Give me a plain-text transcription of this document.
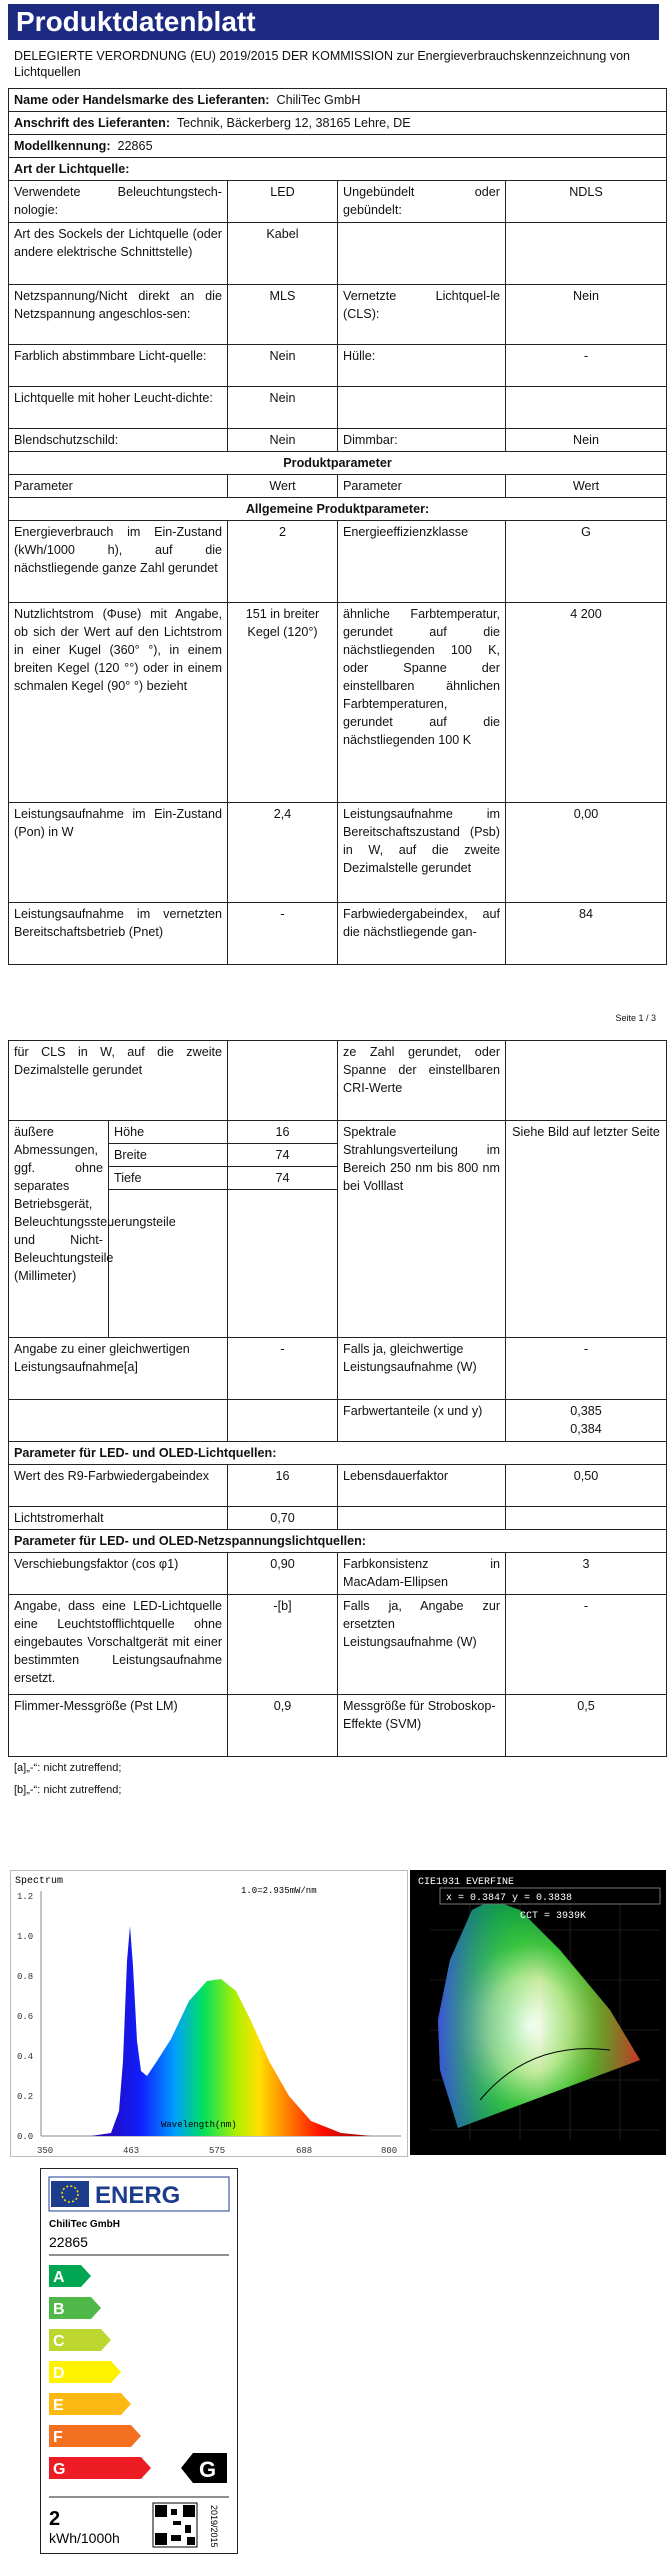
Produktdatenblatt
DELEGIERTE VERORDNUNG (EU) 2019/2015 DER KOMMISSION zur Energieverbrauchskennzeichnung von Lichtquellen
Name oder Handelsmarke des Lieferanten: ChiliTec GmbH			
Anschrift des Lieferanten: Technik, Bäckerberg 12, 38165 Lehre, DE			
Modellkennung: 22865			
Art der Lichtquelle:			
Verwendete Beleuchtungstech-nologie:	LED	Ungebündelt oder gebündelt:	NDLS
Art des Sockels der Lichtquelle (oder andere elektrische Schnittstelle)	Kabel		
Netzspannung/Nicht direkt an die Netzspannung angeschlos-sen:	MLS	Vernetzte Lichtquel-le (CLS):	Nein
Farblich abstimmbare Licht-quelle:	Nein	Hülle:	-
Lichtquelle mit hoher Leucht-dichte:	Nein		
Blendschutzschild:	Nein	Dimmbar:	Nein
Produktparameter			
Parameter	Wert	Parameter	Wert
Allgemeine Produktparameter:			
Energieverbrauch im Ein-Zustand (kWh/1000 h), auf die nächstliegende ganze Zahl gerundet	2	Energieeffizienzklasse	G
Nutzlichtstrom (Φuse) mit Angabe, ob sich der Wert auf den Lichtstrom in einer Kugel (360° °), in einem breiten Kegel (120 °°) oder in einem schmalen Kegel (90° °) bezieht	151 in breiter Kegel (120°)	ähnliche Farbtemperatur, gerundet auf die nächstliegenden 100 K, oder Spanne der einstellbaren ähnlichen Farbtemperaturen, gerundet auf die nächstliegenden 100 K	4 200
Leistungsaufnahme im Ein-Zustand (Pon) in W	2,4	Leistungsaufnahme im Bereitschaftszustand (Psb) in W, auf die zweite Dezimalstelle gerundet	0,00
Leistungsaufnahme im vernetzten Bereitschaftsbetrieb (Pnet)	-	Farbwiedergabeindex, auf die nächstliegende gan-	84
Seite 1 / 3
für CLS in W, auf die zweite Dezimalstelle gerundet			ze Zahl gerundet, oder Spanne der einstellbaren CRI-Werte	
äußere Abmessungen, ggf. ohne separates Betriebsgerät, Beleuchtungssteuerungsteile und Nicht-Beleuchtungsteile (Millimeter)	Höhe	16	Spektrale Strahlungsverteilung im Bereich 250 nm bis 800 nm bei Volllast	Siehe Bild auf letzter Seite
	Breite	74		
	Tiefe	74		

Angabe zu einer gleichwertigen Leistungsaufnahme[a]		-	Falls ja, gleichwertige Leistungsaufnahme (W)	-
			Farbwertanteile (x und y)	0,385
0,384
Parameter für LED- und OLED-Lichtquellen:				
Wert des R9-Farbwiedergabeindex		16	Lebensdauerfaktor	0,50
Lichtstromerhalt		0,70		
Parameter für LED- und OLED-Netzspannungslichtquellen:				
Verschiebungsfaktor (cos φ1)		0,90	Farbkonsistenz in MacAdam-Ellipsen	3
Angabe, dass eine LED-Lichtquelle eine Leuchtstofflichtquelle ohne eingebautes Vorschaltgerät mit einer bestimmten Leistungsaufnahme ersetzt.		-[b]	Falls ja, Angabe zur ersetzten Leistungsaufnahme (W)	-
Flimmer-Messgröße (Pst LM)		0,9	Messgröße für Stroboskop-Effekte (SVM)	0,5
[a]„-“: nicht zutreffend;
[b]„-“: nicht zutreffend;
Spectrum
1.0=2.935mW/nm
1.2
1.0
0.8
0.6
0.4
0.2
0.0
350	463	575	688	800
Wavelength(nm)
CIE1931 EVERFINE
x = 0.3847 y = 0.3838
CCT = 3939K
ENERG
ChiliTec GmbH
22865
A
B
C
D
E
F
G	G
2
kWh/1000h	2019/2015
